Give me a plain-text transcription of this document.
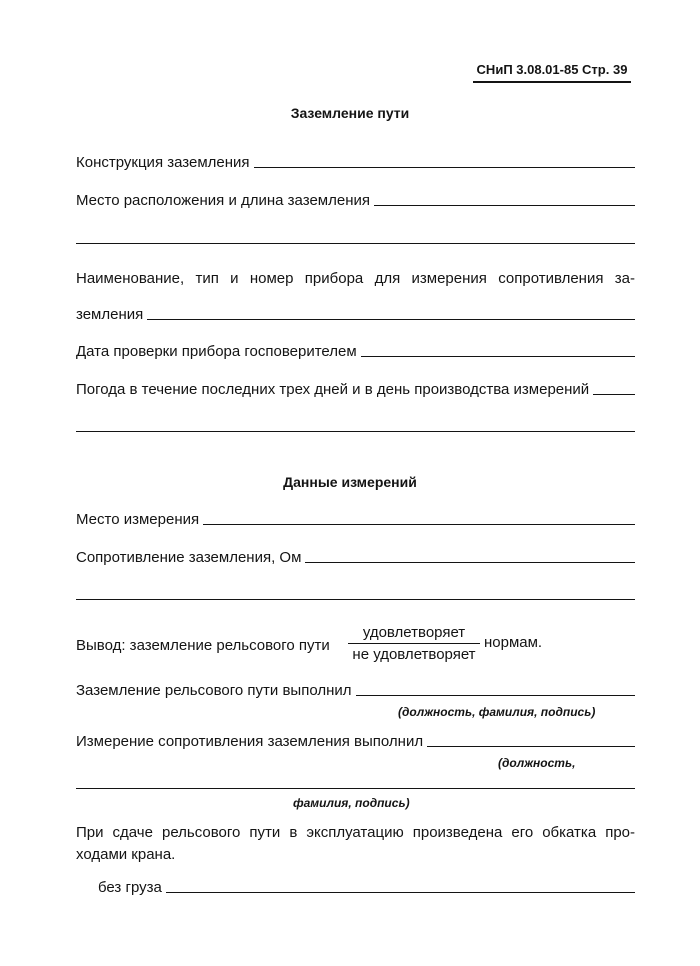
СНиП 3.08.01-85 Стр. 39
Заземление пути
Конструкция заземления
Место расположения и длина заземления
Наименование, тип и номер прибора для измерения сопротивления за-
земления
Дата проверки прибора госповерителем
Погода в течение последних трех дней и в день производства измерений
Данные измерений
Место измерения
Сопротивление заземления, Ом
Вывод: заземление рельсового пути
удовлетворяет
не удовлетворяет
нормам.
Заземление рельсового пути выполнил
(должность, фамилия, подпись)
Измерение сопротивления заземления выполнил
(должность,
фамилия, подпись)
При сдаче рельсового пути в эксплуатацию произведена его обкатка про-
ходами крана.
без груза
